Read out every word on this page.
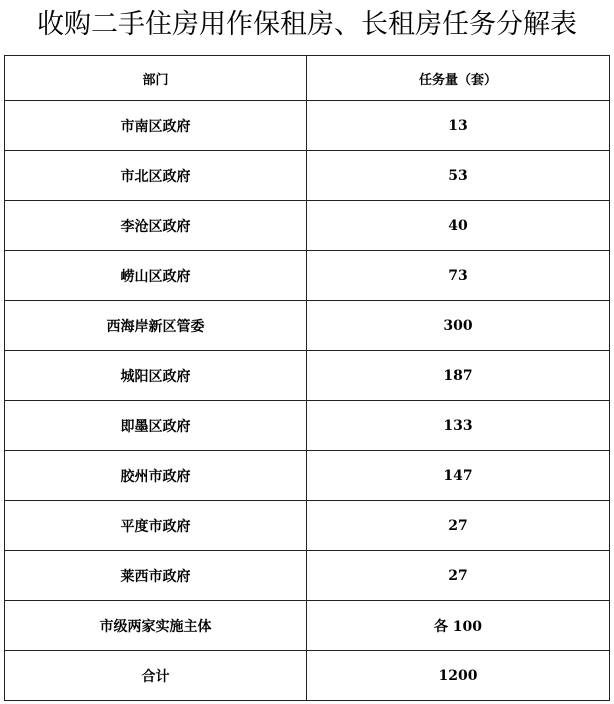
收购二手住房用作保租房、长租房任务分解表
部门	任务量（套）
市南区政府	13
市北区政府	53
李沧区政府	40
崂山区政府	73
西海岸新区管委	300
城阳区政府	187
即墨区政府	133
胶州市政府	147
平度市政府	27
莱西市政府	27
市级两家实施主体	各 100
合计	1200
